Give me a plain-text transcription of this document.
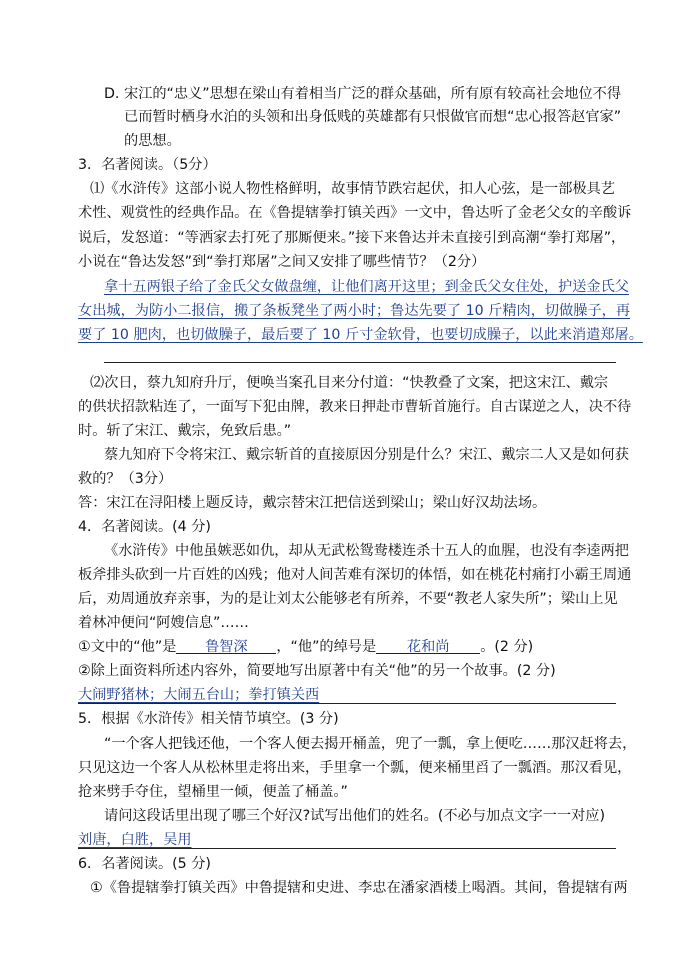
D. 宋江的“忠义”思想在梁山有着相当广泛的群众基础，所有原有较高社会地位不得
已而暂时栖身水泊的头领和出身低贱的英雄都有只恨做官而想“忠心报答赵官家”
的思想。
3．名著阅读。（5分）
⑴《水浒传》这部小说人物性格鲜明，故事情节跌宕起伏，扣人心弦，是一部极具艺
术性、观赏性的经典作品。在《鲁提辖拳打镇关西》一文中，鲁达听了金老父女的辛酸诉
说后，发怒道：“等洒家去打死了那厮便来。”接下来鲁达并未直接引到高潮“拳打郑屠”，
小说在“鲁达发怒”到“拳打郑屠”之间又安排了哪些情节？（2分）
拿十五两银子给了金氏父女做盘缠，让他们离开这里；到金氏父女住处，护送金氏父
女出城，为防小二报信，搬了条板凳坐了两小时；鲁达先要了 10 斤精肉，切做臊子，再
要了 10 肥肉，也切做臊子，最后要了 10 斤寸金软骨，也要切成臊子，以此来消遣郑屠。
⑵次日，蔡九知府升厅，便唤当案孔目来分付道：“快教叠了文案，把这宋江、戴宗
的供状招款粘连了，一面写下犯由牌，教来日押赴市曹斩首施行。自古谋逆之人，决不待
时。斩了宋江、戴宗，免致后患。”
蔡九知府下令将宋江、戴宗斩首的直接原因分别是什么？宋江、戴宗二人又是如何获
救的？（3分）
答：宋江在浔阳楼上题反诗，戴宗替宋江把信送到梁山；梁山好汉劫法场。
4．名著阅读。(4 分)
《水浒传》中他虽嫉恶如仇，却从无武松鸳鸯楼连杀十五人的血腥，也没有李逵两把
板斧排头砍到一片百姓的凶残；他对人间苦难有深切的体悟，如在桃花村痛打小霸王周通
后，劝周通放弃亲事，为的是让刘太公能够老有所养，不要“教老人家失所”；梁山上见
着林冲便问“阿嫂信息”……
①文中的“他”是 鲁智深 ，“他”的绰号是 花和尚 。(2 分)
②除上面资料所述内容外，简要地写出原著中有关“他”的另一个故事。(2 分)
大闹野猪林；大闹五台山；拳打镇关西
5．根据《水浒传》相关情节填空。(3 分)
“一个客人把钱还他，一个客人便去揭开桶盖，兜了一瓢，拿上便吃……那汉赶将去，
只见这边一个客人从松林里走将出来，手里拿一个瓢，便来桶里舀了一瓢酒。那汉看见，
抢来劈手夺住，望桶里一倾，便盖了桶盖。”
请问这段话里出现了哪三个好汉?试写出他们的姓名。(不必与加点文字一一对应)
刘唐，白胜，吴用
6．名著阅读。(5 分)
①《鲁提辖拳打镇关西》中鲁提辖和史进、李忠在潘家酒楼上喝酒。其间，鲁提辖有两
